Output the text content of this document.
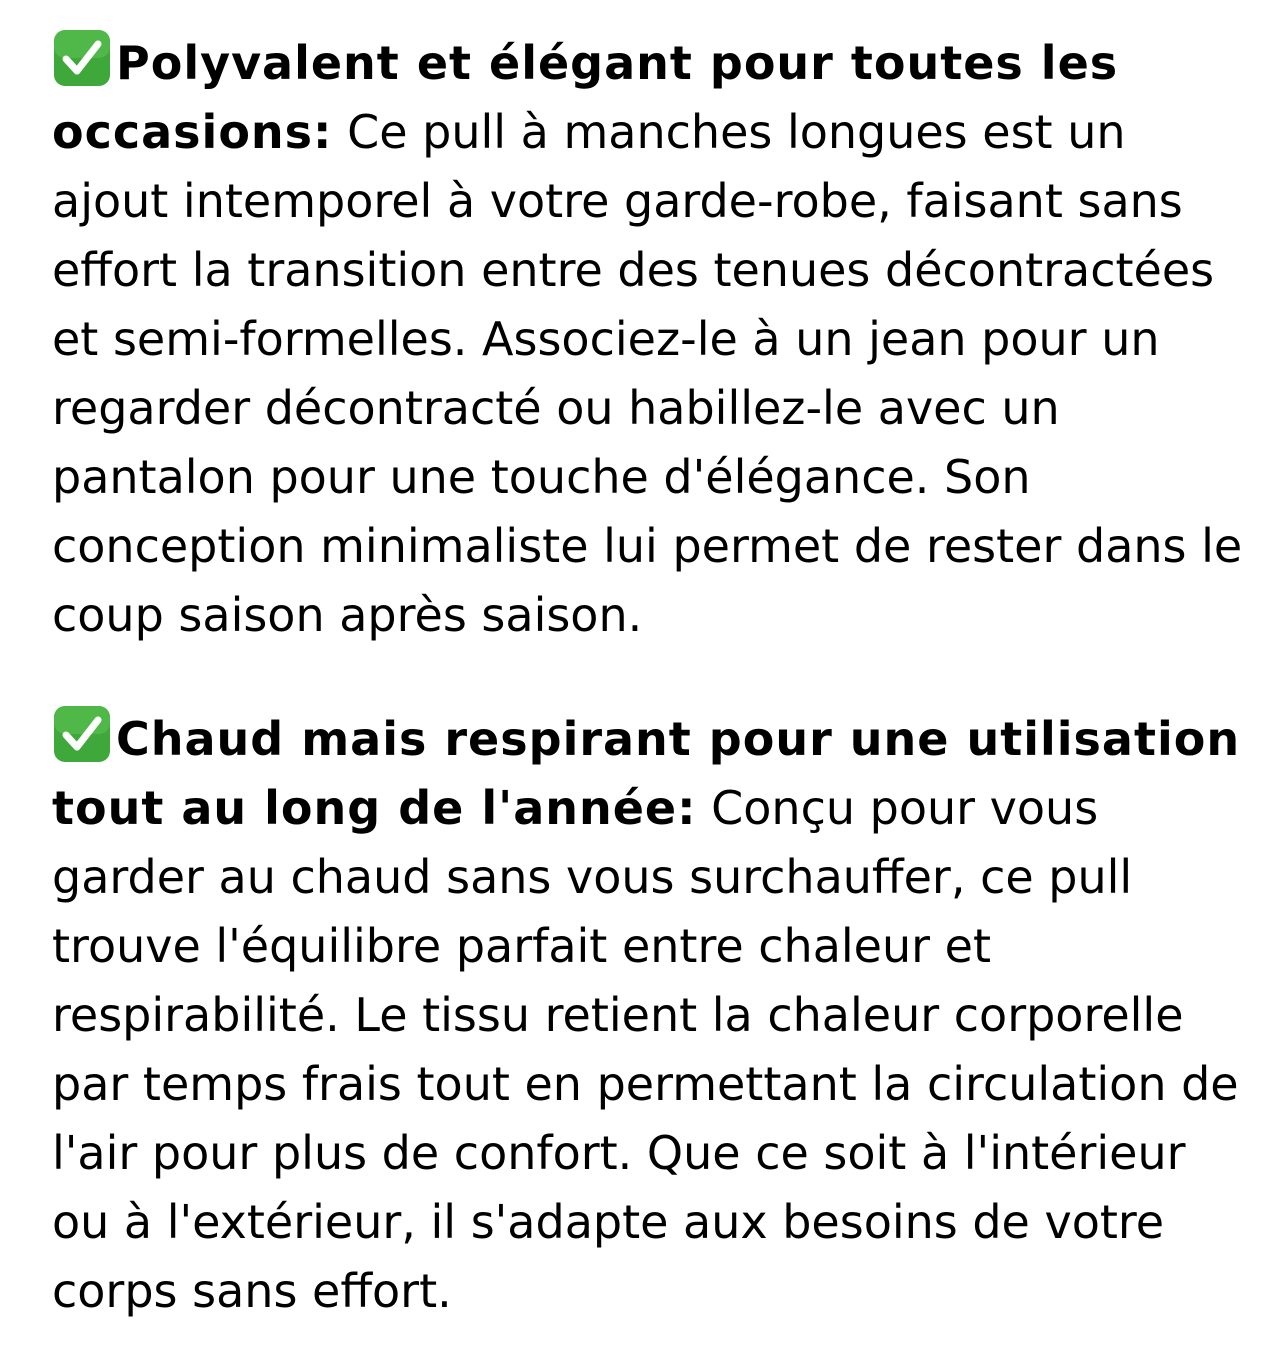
Polyvalent et élégant pour toutes les occasions: Ce pull à manches longues est un ajout intemporel à votre garde-robe, faisant sans effort la transition entre des tenues décontractées et semi-formelles. Associez-le à un jean pour un regarder décontracté ou habillez-le avec un pantalon pour une touche d'élégance. Son conception minimaliste lui permet de rester dans le coup saison après saison.

Chaud mais respirant pour une utilisation tout au long de l'année: Conçu pour vous garder au chaud sans vous surchauffer, ce pull trouve l'équilibre parfait entre chaleur et respirabilité. Le tissu retient la chaleur corporelle par temps frais tout en permettant la circulation de l'air pour plus de confort. Que ce soit à l'intérieur ou à l'extérieur, il s'adapte aux besoins de votre corps sans effort.
